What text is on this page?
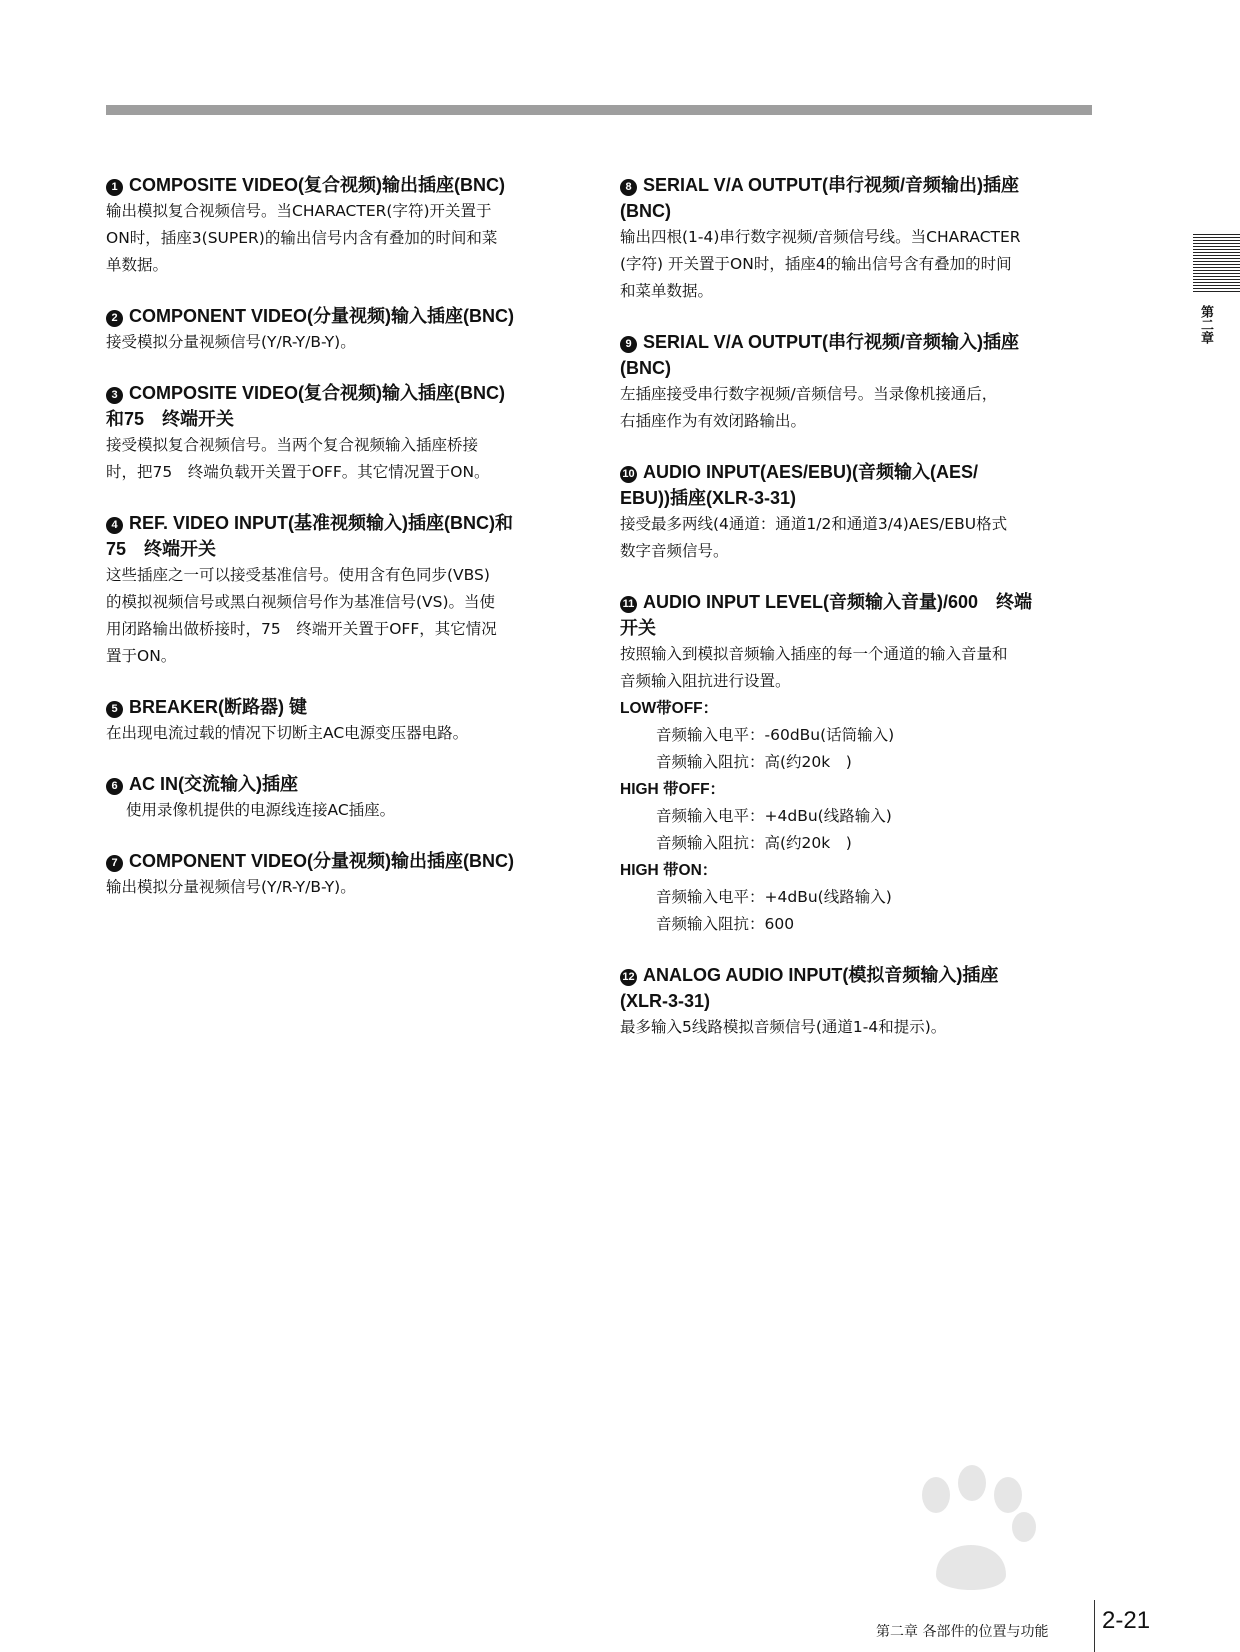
1 COMPOSITE VIDEO(复合视频)输出插座(BNC)

输出模拟复合视频信号。当CHARACTER(字符)开关置于

ON时，插座3(SUPER)的输出信号内含有叠加的时间和菜

单数据。

2 COMPONENT VIDEO(分量视频)输入插座(BNC)

接受模拟分量视频信号(Y/R-Y/B-Y)。

3 COMPOSITE VIDEO(复合视频)输入插座(BNC)

和75　终端开关

接受模拟复合视频信号。当两个复合视频输入插座桥接

时，把75　终端负载开关置于OFF。其它情况置于ON。

4 REF. VIDEO INPUT(基准视频输入)插座(BNC)和

75　终端开关

这些插座之一可以接受基准信号。使用含有色同步(VBS)

的模拟视频信号或黑白视频信号作为基准信号(VS)。当使

用闭路输出做桥接时，75　终端开关置于OFF，其它情况

置于ON。

5 BREAKER(断路器) 键

在出现电流过载的情况下切断主AC电源变压器电路。

6 AC IN(交流输入)插座

使用录像机提供的电源线连接AC插座。

7 COMPONENT VIDEO(分量视频)输出插座(BNC)

输出模拟分量视频信号(Y/R-Y/B-Y)。

8 SERIAL V/A OUTPUT(串行视频/音频输出)插座

(BNC)

输出四根(1-4)串行数字视频/音频信号线。当CHARACTER

(字符) 开关置于ON时，插座4的输出信号含有叠加的时间

和菜单数据。

9 SERIAL V/A OUTPUT(串行视频/音频输入)插座

(BNC)

左插座接受串行数字视频/音频信号。当录像机接通后，

右插座作为有效闭路输出。

10 AUDIO INPUT(AES/EBU)(音频输入(AES/

EBU))插座(XLR-3-31)

接受最多两线(4通道：通道1/2和通道3/4)AES/EBU格式

数字音频信号。

11 AUDIO INPUT LEVEL(音频输入音量)/600　终端

开关

按照输入到模拟音频输入插座的每一个通道的输入音量和

音频输入阻抗进行设置。

LOW带OFF：

音频输入电平：-60dBu(话筒输入)

音频输入阻抗：高(约20k　)

HIGH 带OFF：

音频输入电平：+4dBu(线路输入)

音频输入阻抗：高(约20k　)

HIGH 带ON：

音频输入电平：+4dBu(线路输入)

音频输入阻抗：600

12 ANALOG AUDIO INPUT(模拟音频输入)插座

(XLR-3-31)

最多输入5线路模拟音频信号(通道1-4和提示)。

第二章
第二章 各部件的位置与功能 2-21
